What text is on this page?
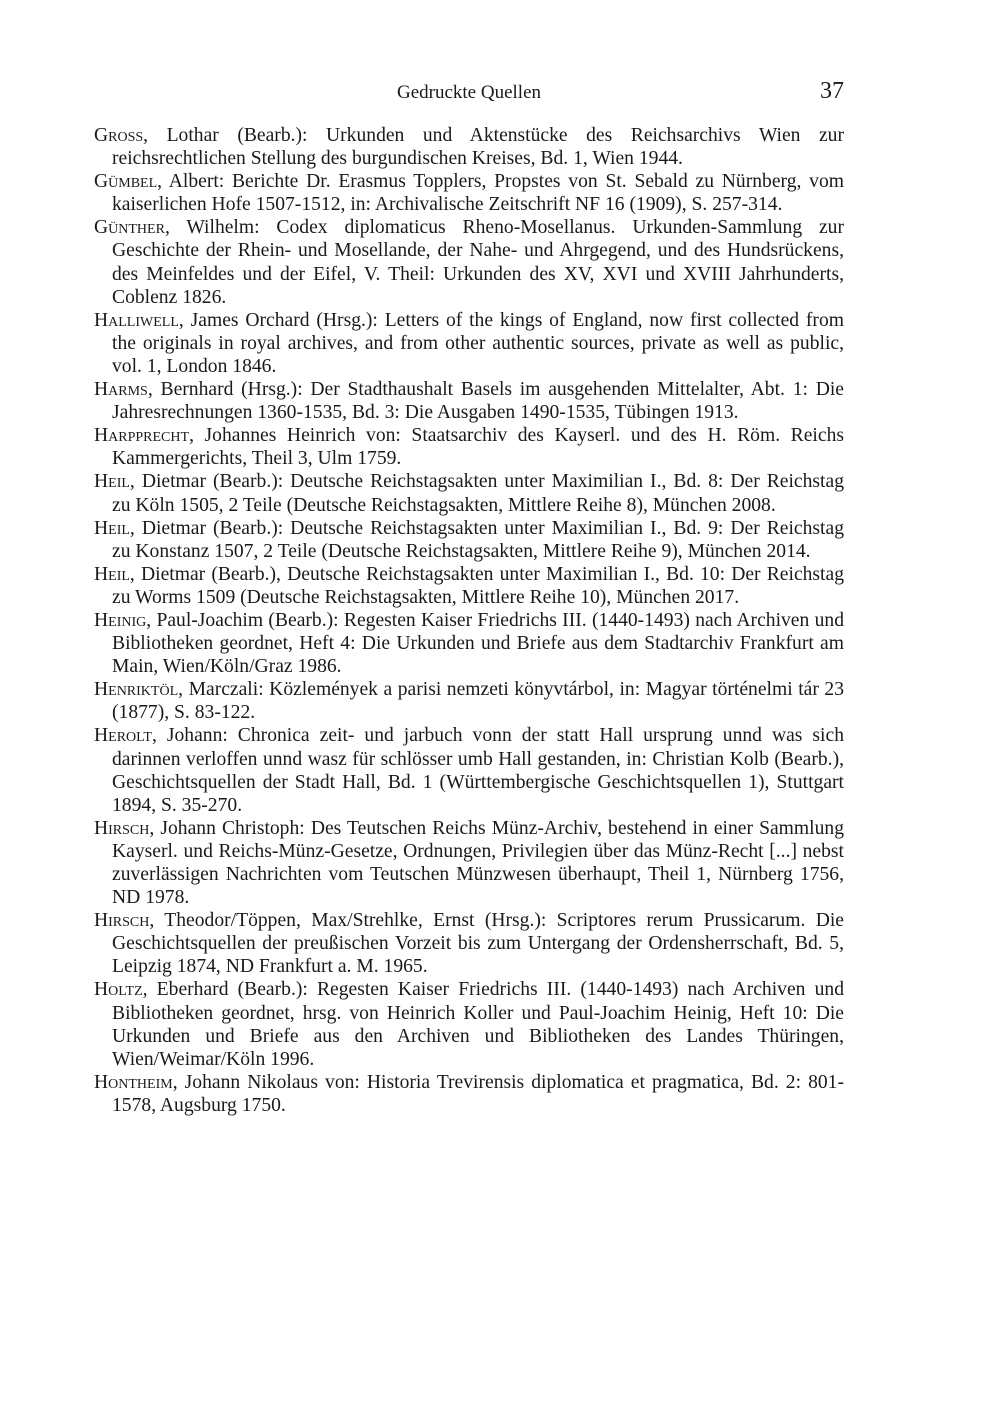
Gedruckte Quellen	37

Gross, Lothar (Bearb.): Urkunden und Aktenstücke des Reichsarchivs Wien zur reichsrechtlichen Stellung des burgundischen Kreises, Bd. 1, Wien 1944.

Gümbel, Albert: Berichte Dr. Erasmus Topplers, Propstes von St. Sebald zu Nürnberg, vom kaiserlichen Hofe 1507-1512, in: Archivalische Zeitschrift NF 16 (1909), S. 257-314.

Günther, Wilhelm: Codex diplomaticus Rheno-Mosellanus. Urkunden-Sammlung zur Geschichte der Rhein- und Mosellande, der Nahe- und Ahrgegend, und des Hundsrückens, des Meinfeldes und der Eifel, V. Theil: Urkunden des XV, XVI und XVIII Jahrhunderts, Coblenz 1826.

Halliwell, James Orchard (Hrsg.): Letters of the kings of England, now first collected from the originals in royal archives, and from other authentic sources, private as well as public, vol. 1, London 1846.

Harms, Bernhard (Hrsg.): Der Stadthaushalt Basels im ausgehenden Mittelalter, Abt. 1: Die Jahresrechnungen 1360-1535, Bd. 3: Die Ausgaben 1490-1535, Tübingen 1913.

Harpprecht, Johannes Heinrich von: Staatsarchiv des Kayserl. und des H. Röm. Reichs Kammergerichts, Theil 3, Ulm 1759.

Heil, Dietmar (Bearb.): Deutsche Reichstagsakten unter Maximilian I., Bd. 8: Der Reichstag zu Köln 1505, 2 Teile (Deutsche Reichstagsakten, Mittlere Reihe 8), München 2008.

Heil, Dietmar (Bearb.): Deutsche Reichstagsakten unter Maximilian I., Bd. 9: Der Reichstag zu Konstanz 1507, 2 Teile (Deutsche Reichstagsakten, Mittlere Reihe 9), München 2014.

Heil, Dietmar (Bearb.), Deutsche Reichstagsakten unter Maximilian I., Bd. 10: Der Reichstag zu Worms 1509 (Deutsche Reichstagsakten, Mittlere Reihe 10), München 2017.

Heinig, Paul-Joachim (Bearb.): Regesten Kaiser Friedrichs III. (1440-1493) nach Archiven und Bibliotheken geordnet, Heft 4: Die Urkunden und Briefe aus dem Stadtarchiv Frankfurt am Main, Wien/Köln/Graz 1986.

Henriktöl, Marczali: Közlemények a parisi nemzeti könyvtárbol, in: Magyar történelmi tár 23 (1877), S. 83-122.

Herolt, Johann: Chronica zeit- und jarbuch vonn der statt Hall ursprung unnd was sich darinnen verloffen unnd wasz für schlösser umb Hall gestanden, in: Christian Kolb (Bearb.), Geschichtsquellen der Stadt Hall, Bd. 1 (Württembergische Geschichtsquellen 1), Stuttgart 1894, S. 35-270.

Hirsch, Johann Christoph: Des Teutschen Reichs Münz-Archiv, bestehend in einer Sammlung Kayserl. und Reichs-Münz-Gesetze, Ordnungen, Privilegien über das Münz-Recht [...] nebst zuverlässigen Nachrichten vom Teutschen Münzwesen überhaupt, Theil 1, Nürnberg 1756, ND 1978.

Hirsch, Theodor/Töppen, Max/Strehlke, Ernst (Hrsg.): Scriptores rerum Prussicarum. Die Geschichtsquellen der preußischen Vorzeit bis zum Untergang der Ordensherrschaft, Bd. 5, Leipzig 1874, ND Frankfurt a. M. 1965.

Holtz, Eberhard (Bearb.): Regesten Kaiser Friedrichs III. (1440-1493) nach Archiven und Bibliotheken geordnet, hrsg. von Heinrich Koller und Paul-Joachim Heinig, Heft 10: Die Urkunden und Briefe aus den Archiven und Bibliotheken des Landes Thüringen, Wien/Weimar/Köln 1996.

Hontheim, Johann Nikolaus von: Historia Trevirensis diplomatica et pragmatica, Bd. 2: 801-1578, Augsburg 1750.
